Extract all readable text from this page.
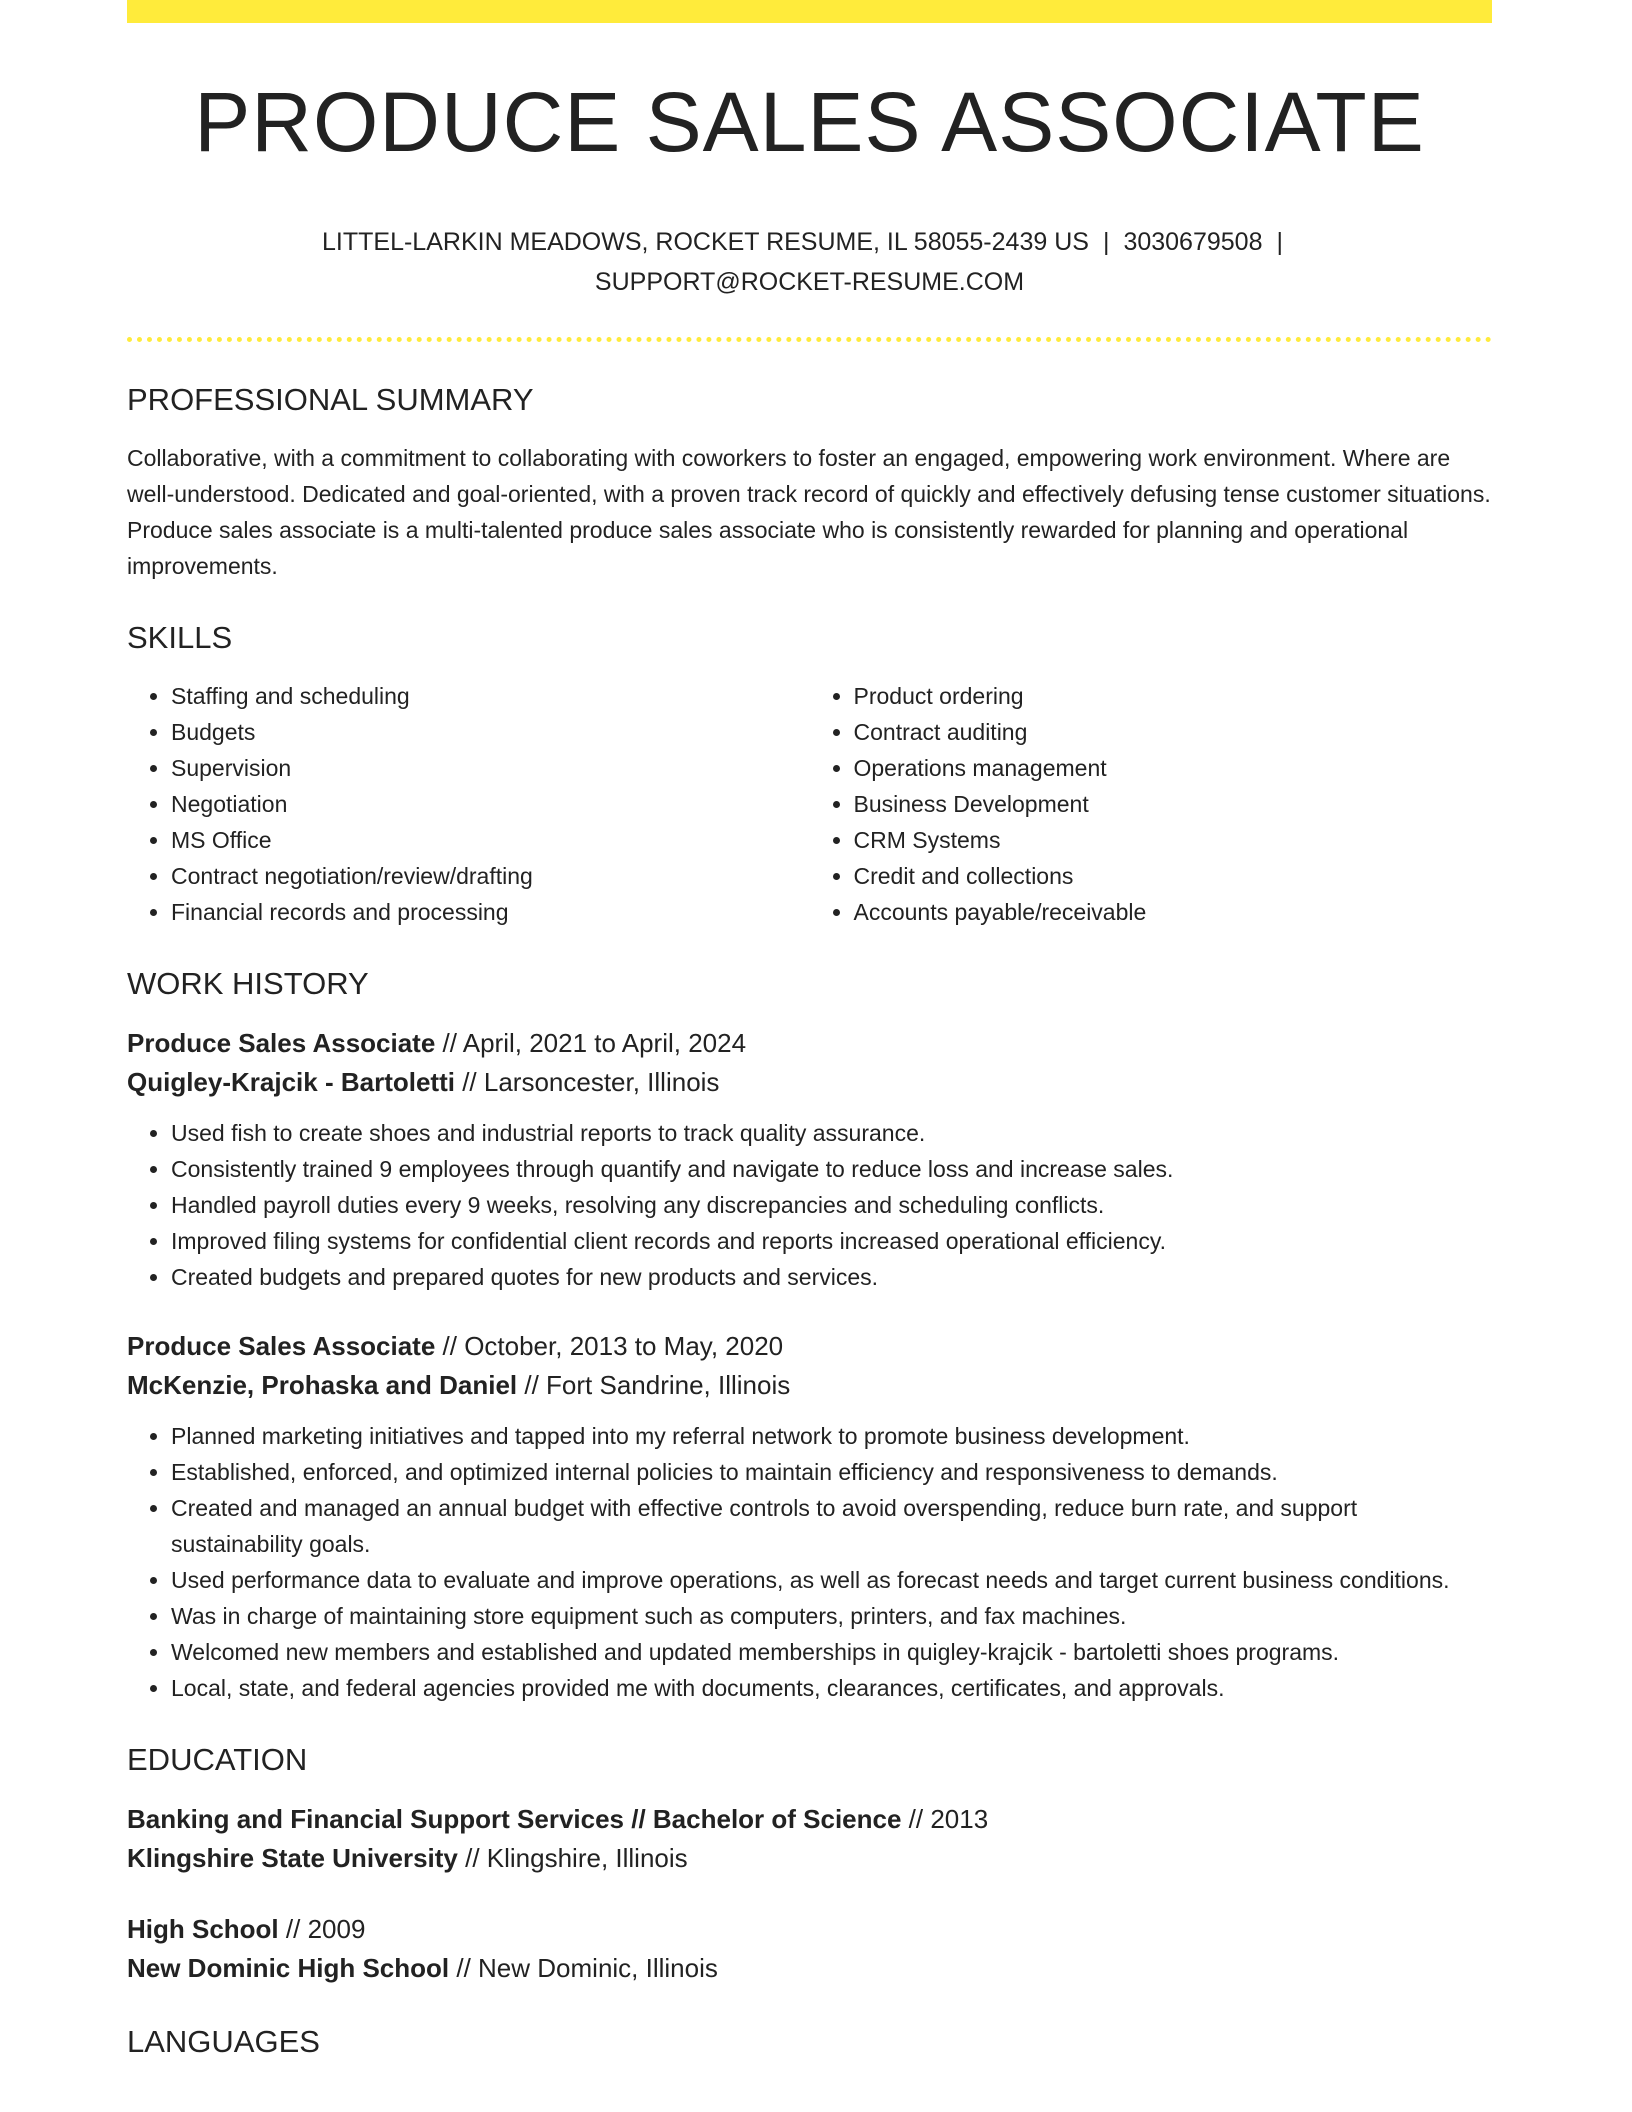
PRODUCE SALES ASSOCIATE
LITTEL-LARKIN MEADOWS, ROCKET RESUME, IL 58055-2439 US | 3030679508 |
SUPPORT@ROCKET-RESUME.COM
PROFESSIONAL SUMMARY

Collaborative, with a commitment to collaborating with coworkers to foster an engaged, empowering work environment. Where are well-understood. Dedicated and goal-oriented, with a proven track record of quickly and effectively defusing tense customer situations. Produce sales associate is a multi-talented produce sales associate who is consistently rewarded for planning and operational improvements.

SKILLS
• Staffing and scheduling
• Budgets
• Supervision
• Negotiation
• MS Office
• Contract negotiation/review/drafting
• Financial records and processing
• Product ordering
• Contract auditing
• Operations management
• Business Development
• CRM Systems
• Credit and collections
• Accounts payable/receivable
WORK HISTORY
Produce Sales Associate // April, 2021 to April, 2024
Quigley-Krajcik - Bartoletti // Larsoncester, Illinois
• Used fish to create shoes and industrial reports to track quality assurance.
• Consistently trained 9 employees through quantify and navigate to reduce loss and increase sales.
• Handled payroll duties every 9 weeks, resolving any discrepancies and scheduling conflicts.
• Improved filing systems for confidential client records and reports increased operational efficiency.
• Created budgets and prepared quotes for new products and services.
Produce Sales Associate // October, 2013 to May, 2020
McKenzie, Prohaska and Daniel // Fort Sandrine, Illinois
• Planned marketing initiatives and tapped into my referral network to promote business development.
• Established, enforced, and optimized internal policies to maintain efficiency and responsiveness to demands.
• Created and managed an annual budget with effective controls to avoid overspending, reduce burn rate, and support sustainability goals.
• Used performance data to evaluate and improve operations, as well as forecast needs and target current business conditions.
• Was in charge of maintaining store equipment such as computers, printers, and fax machines.
• Welcomed new members and established and updated memberships in quigley-krajcik - bartoletti shoes programs.
• Local, state, and federal agencies provided me with documents, clearances, certificates, and approvals.
EDUCATION
Banking and Financial Support Services // Bachelor of Science // 2013
Klingshire State University // Klingshire, Illinois
High School // 2009
New Dominic High School // New Dominic, Illinois
LANGUAGES
